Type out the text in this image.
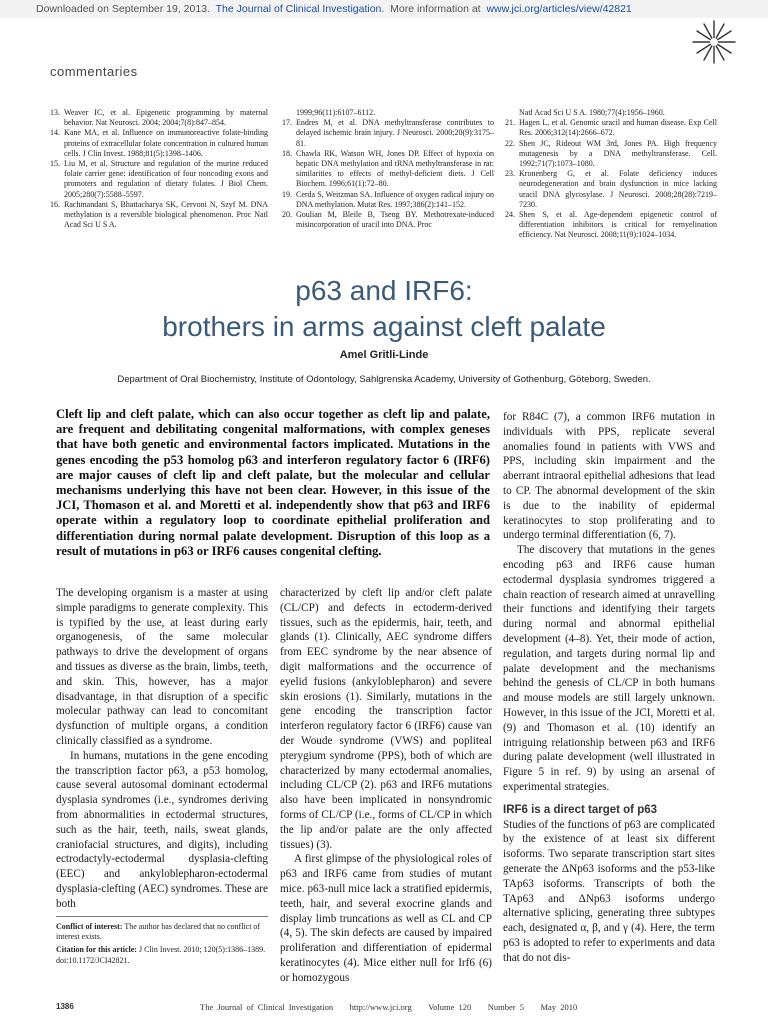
Downloaded on September 19, 2013. The Journal of Clinical Investigation. More information at www.jci.org/articles/view/42821
commentaries

13. Weaver IC, et al. Epigenetic programming by maternal behavior. Nat Neurosci. 2004; 2004;7(8):847–854.

14. Kane MA, et al. Influence on immunoreactive folate-binding proteins of extracellular folate concentration in cultured human cells. J Clin Invest. 1988;81(5):1398–1406.

15. Liu M, et al. Structure and regulation of the murine reduced folate carrier gene: identification of four noncoding exons and promoters and regulation of dietary folates. J Biol Chem. 2005;280(7):5588–5597.

16. Rachmandani S, Bhattacharya SK, Cervoni N, Szyf M. DNA methylation is a reversible biological phenomenon. Proc Natl Acad Sci U S A.

1999;96(11):6107–6112.

17. Endres M, et al. DNA methyltransferase contributes to delayed ischemic brain injury. J Neurosci. 2000;20(9):3175–81.

18. Chawla RK, Watson WH, Jones DP. Effect of hypoxia on hepatic DNA methylation and tRNA methyltransferase in rat: similarities to effects of methyl-deficient diets. J Cell Biochem. 1996;61(1):72–80.

19. Cerda S, Weitzman SA. Influence of oxygen radical injury on DNA methylation. Mutat Res. 1997;386(2):141–152.

20. Goulian M, Bleile B, Tseng BY. Methotrexate-induced misincorporation of uracil into DNA. Proc

Natl Acad Sci U S A. 1980;77(4):1956–1960.

21. Hagen L, et al. Genomic uracil and human disease. Exp Cell Res. 2006;312(14):2666–672.

22. Shen JC, Rideout WM 3rd, Jones PA. High frequency mutagenesis by a DNA methyltransferase. Cell. 1992;71(7):1073–1080.

23. Kronenberg G, et al. Folate deficiency induces neurodegeneration and brain dysfunction in mice lacking uracil DNA glycosylase. J Neurosci. 2008;28(28):7219–7230.

24. Shen S, et al. Age-dependent epigenetic control of differentiation inhibitors is critical for remyelination efficiency. Nat Neurosci. 2008;11(9):1024–1034.

p63 and IRF6:
brothers in arms against cleft palate
Amel Gritli-Linde
Department of Oral Biochemistry, Institute of Odontology, Sahlgrenska Academy, University of Gothenburg, Göteborg, Sweden.
Cleft lip and cleft palate, which can also occur together as cleft lip and palate, are frequent and debilitating congenital malformations, with complex geneses that have both genetic and environmental factors implicated. Mutations in the genes encoding the p53 homolog p63 and interferon regulatory factor 6 (IRF6) are major causes of cleft lip and cleft palate, but the molecular and cellular mechanisms underlying this have not been clear. However, in this issue of the JCI, Thomason et al. and Moretti et al. independently show that p63 and IRF6 operate within a regulatory loop to coordinate epithelial proliferation and differentiation during normal palate development. Disruption of this loop as a result of mutations in p63 or IRF6 causes congenital clefting.

The developing organism is a master at using simple paradigms to generate complexity. This is typified by the use, at least during early organogenesis, of the same molecular pathways to drive the development of organs and tissues as diverse as the brain, limbs, teeth, and skin. This, however, has a major disadvantage, in that disruption of a specific molecular pathway can lead to concomitant dysfunction of multiple organs, a condition clinically classified as a syndrome.

In humans, mutations in the gene encoding the transcription factor p63, a p53 homolog, cause several autosomal dominant ectodermal dysplasia syndromes (i.e., syndromes deriving from abnormalities in ectodermal structures, such as the hair, teeth, nails, sweat glands, craniofacial structures, and digits), including ectrodactyly-ectodermal dysplasia-clefting (EEC) and ankyloblepharon-ectodermal dysplasia-clefting (AEC) syndromes. These are both

characterized by cleft lip and/or cleft palate (CL/CP) and defects in ectoderm-derived tissues, such as the epidermis, hair, teeth, and glands (1). Clinically, AEC syndrome differs from EEC syndrome by the near absence of digit malformations and the occurrence of eyelid fusions (ankyloblepharon) and severe skin erosions (1). Similarly, mutations in the gene encoding the transcription factor interferon regulatory factor 6 (IRF6) cause van der Woude syndrome (VWS) and popliteal pterygium syndrome (PPS), both of which are characterized by many ectodermal anomalies, including CL/CP (2). p63 and IRF6 mutations also have been implicated in nonsyndromic forms of CL/CP (i.e., forms of CL/CP in which the lip and/or palate are the only affected tissues) (3).

A first glimpse of the physiological roles of p63 and IRF6 came from studies of mutant mice. p63-null mice lack a stratified epidermis, teeth, hair, and several exocrine glands and display limb truncations as well as CL and CP (4, 5). The skin defects are caused by impaired proliferation and differentiation of epidermal keratinocytes (4). Mice either null for Irf6 (6) or homozygous

for R84C (7), a common IRF6 mutation in individuals with PPS, replicate several anomalies found in patients with VWS and PPS, including skin impairment and the aberrant intraoral epithelial adhesions that lead to CP. The abnormal development of the skin is due to the inability of epidermal keratinocytes to stop proliferating and to undergo terminal differentiation (6, 7).

The discovery that mutations in the genes encoding p63 and IRF6 cause human ectodermal dysplasia syndromes triggered a chain reaction of research aimed at unravelling their functions and identifying their targets during normal and abnormal epithelial development (4–8). Yet, their mode of action, regulation, and targets during normal lip and palate development and the mechanisms behind the genesis of CL/CP in both humans and mouse models are still largely unknown. However, in this issue of the JCI, Moretti et al. (9) and Thomason et al. (10) identify an intriguing relationship between p63 and IRF6 during palate development (well illustrated in Figure 5 in ref. 9) by using an arsenal of experimental strategies.

IRF6 is a direct target of p63

Studies of the functions of p63 are complicated by the existence of at least six different isoforms. Two separate transcription start sites generate the ΔNp63 isoforms and the p53-like TAp63 isoforms. Transcripts of both the TAp63 and ΔNp63 isoforms undergo alternative splicing, generating three subtypes each, designated α, β, and γ (4). Here, the term p63 is adopted to refer to experiments and data that do not dis-

Conflict of interest: The author has declared that no conflict of interest exists.

Citation for this article: J Clin Invest. 2010; 120(5):1386–1389. doi:10.1172/JCI42821.

1386	The Journal of Clinical Investigation http://www.jci.org Volume 120 Number 5 May 2010
